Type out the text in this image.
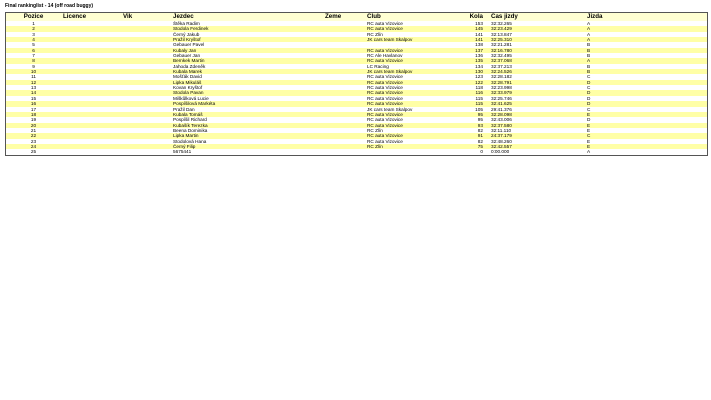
Final rankinglist - 14 (off road buggy)
Pozice	Licence	Vik	Jezdec	Zeme	Club	Kola	Cas jizdy	Jizda
1			Štěka Radim		RC auta Vizovice	153	32:32.265	A
2			Stodola Ferdinek		RC auta Vizovice	145	32:23.429	A
3			Černý Jakub		RC Zlín	141	32:13.847	A
4			Pražil Kryštof		JK cars team Skalpov	141	32:25.310	A
5			Gebauer Pavel			138	32:21.281	B
6			Kubaly Jan		RC auta Vizovice	137	32:16.780	B
7			Gebauer Jan		RC Ale Havlanov	136	32:32.495	B
8			Bernkek Martin		RC auta Vizovice	135	32:37.068	A
9			Jahoda Zdeněk		LC Racing	134	32:37.213	B
10			Kubala Marek		JK cars team Skalpov	130	32:24.526	B
11			Mošťák David		RC auta Vizovice	123	32:28.182	C
12			Lipka Mikuláš		RC auta Vizovice	122	32:28.791	D
13			Kovan Kryštof		RC auta Vizovice	118	32:23.998	C
14			Stodola Pavan		RC auta Vizovice	116	32:33.979	D
15			Miškůlková Lucie		RC auta Vizovice	115	32:25.746	D
16			Pospíšilová Markéta		RC auta Vizovice	115	32:41.625	D
17			Pražil Dan		JK cars team Skalpov	105	29:41.376	C
18			Kubala Tomáš		RC auta Vizovice	95	32:28.098	E
19			Pospíšil Richard		RC auta Vizovice	95	32:43.006	D
20			Kubašík Terezka		RC auta Vizovice	93	32:37.580	E
21			Beena Dominika		RC Zlín	82	32:11.110	E
22			Lipka Martin		RC auta Vizovice	91	24:37.179	C
23			Stodolová Hana		RC auta Vizovice	82	32:48.260	E
24			Černý Filip		RC Zlín	75	32:42.557	E
25			5675441			0	0:00.000	A
